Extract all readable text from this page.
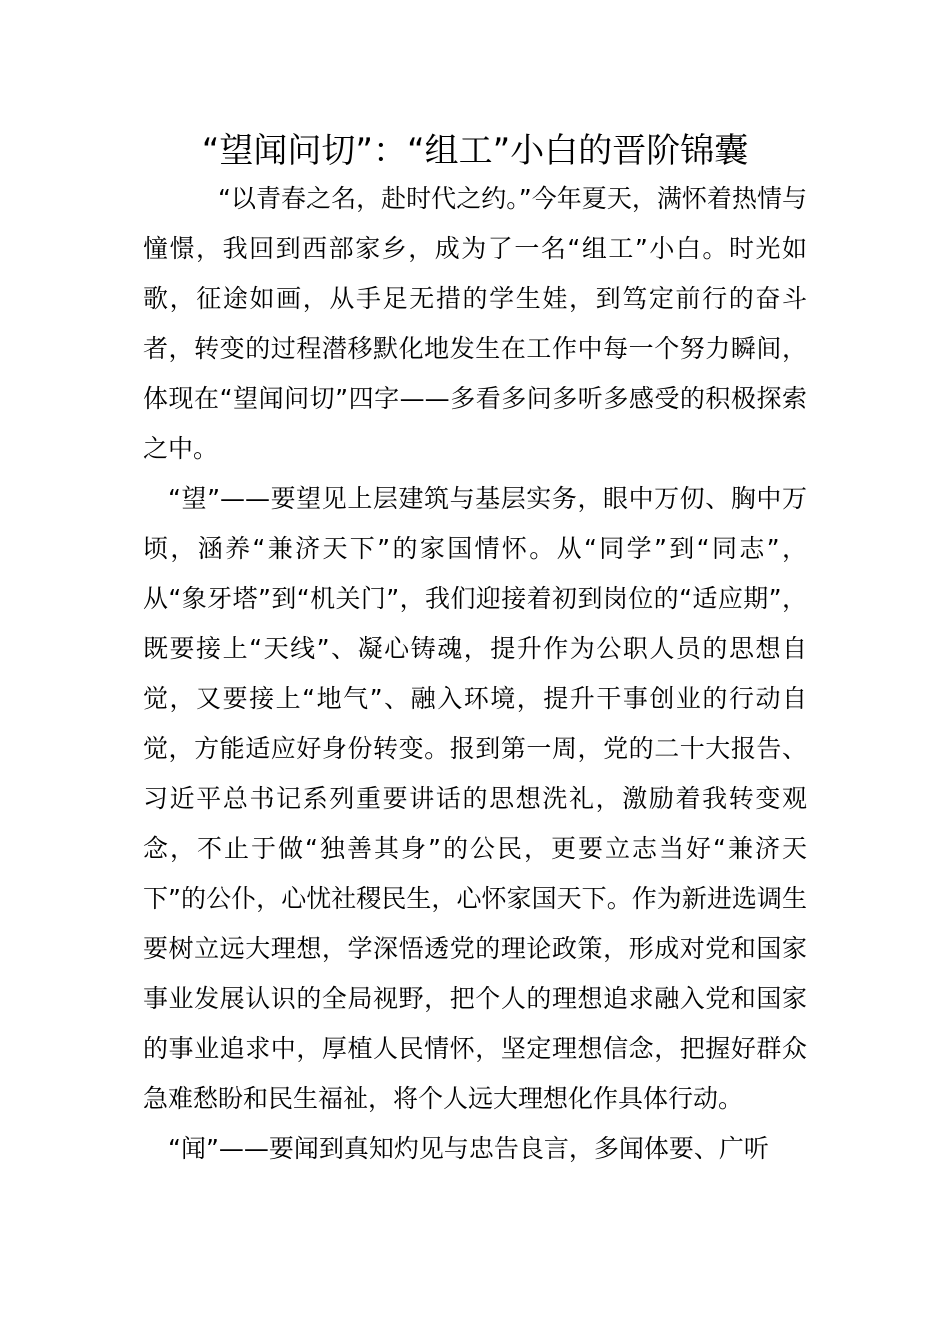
“望闻问切”：“组工”小白的晋阶锦囊

“以青春之名，赴时代之约。”今年夏天，满怀着热情与憧憬，我回到西部家乡，成为了一名“组工”小白。时光如歌，征途如画，从手足无措的学生娃，到笃定前行的奋斗者，转变的过程潜移默化地发生在工作中每一个努力瞬间，体现在“望闻问切”四字——多看多问多听多感受的积极探索之中。

“望”——要望见上层建筑与基层实务，眼中万仞、胸中万顷，涵养“兼济天下”的家国情怀。从“同学”到“同志”，从“象牙塔”到“机关门”，我们迎接着初到岗位的“适应期”，既要接上“天线”、凝心铸魂，提升作为公职人员的思想自觉，又要接上“地气”、融入环境，提升干事创业的行动自觉，方能适应好身份转变。报到第一周，党的二十大报告、习近平总书记系列重要讲话的思想洗礼，激励着我转变观念，不止于做“独善其身”的公民，更要立志当好“兼济天下”的公仆，心忧社稷民生，心怀家国天下。作为新进选调生要树立远大理想，学深悟透党的理论政策，形成对党和国家事业发展认识的全局视野，把个人的理想追求融入党和国家的事业追求中，厚植人民情怀，坚定理想信念，把握好群众急难愁盼和民生福祉，将个人远大理想化作具体行动。

“闻”——要闻到真知灼见与忠告良言，多闻体要、广听
